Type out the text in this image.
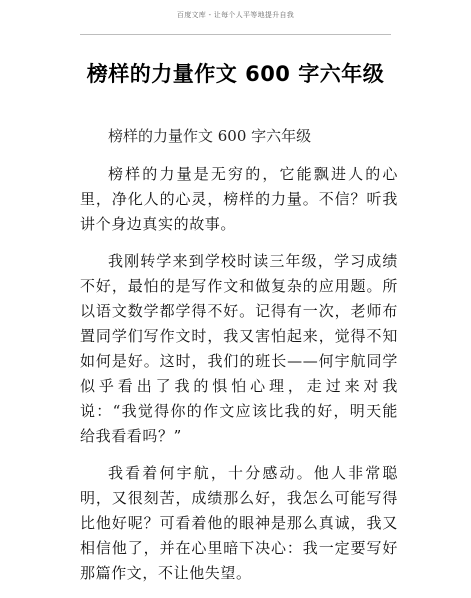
百度文库 - 让每个人平等地提升自我
榜样的力量作文 600 字六年级

榜样的力量作文 600 字六年级

榜样的力量是无穷的，它能飘进人的心里，净化人的心灵，榜样的力量。不信？听我讲个身边真实的故事。

我刚转学来到学校时读三年级，学习成绩不好，最怕的是写作文和做复杂的应用题。所以语文数学都学得不好。记得有一次，老师布置同学们写作文时，我又害怕起来，觉得不知如何是好。这时，我们的班长——何宇航同学似乎看出了我的惧怕心理，走过来对我说：“我觉得你的作文应该比我的好，明天能给我看看吗？”

我看着何宇航，十分感动。他人非常聪明，又很刻苦，成绩那么好，我怎么可能写得比他好呢？可看着他的眼神是那么真诚，我又相信他了，并在心里暗下决心：我一定要写好那篇作文，不让他失望。
